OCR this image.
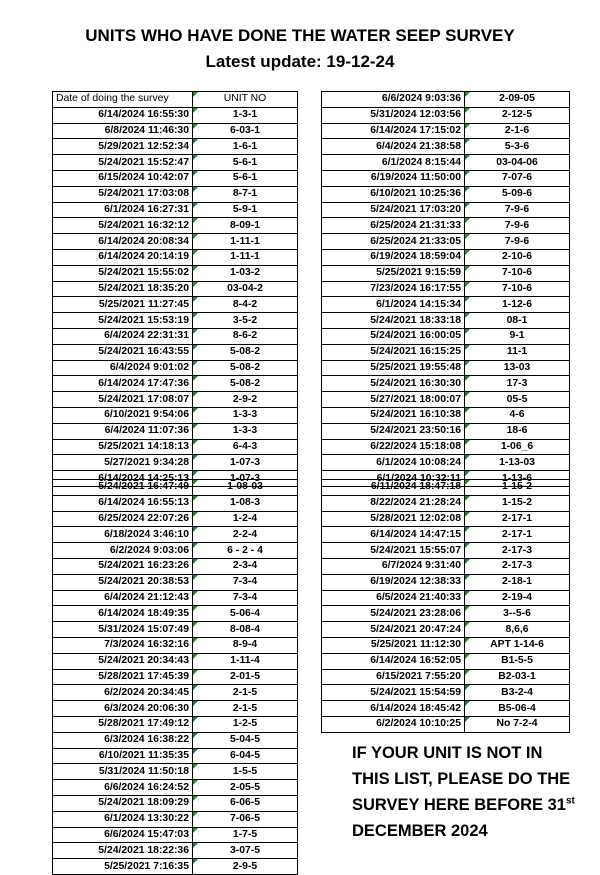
UNITS WHO HAVE DONE THE WATER SEEP SURVEY
Latest update: 19-12-24
Date of doing the survey	UNIT NO
6/14/2024 16:55:30	1-3-1
6/8/2024 11:46:30	6-03-1
5/29/2021 12:52:34	1-6-1
5/24/2021 15:52:47	5-6-1
6/15/2024 10:42:07	5-6-1
5/24/2021 17:03:08	8-7-1
6/1/2024 16:27:31	5-9-1
5/24/2021 16:32:12	8-09-1
6/14/2024 20:08:34	1-11-1
6/14/2024 20:14:19	1-11-1
5/24/2021 15:55:02	1-03-2
5/24/2021 18:35:20	03-04-2
5/25/2021 11:27:45	8-4-2
5/24/2021 15:53:19	3-5-2
6/4/2024 22:31:31	8-6-2
5/24/2021 16:43:55	5-08-2
6/4/2024 9:01:02	5-08-2
6/14/2024 17:47:36	5-08-2
5/24/2021 17:08:07	2-9-2
6/10/2021 9:54:06	1-3-3
6/4/2024 11:07:36	1-3-3
5/25/2021 14:18:13	6-4-3
5/27/2021 9:34:28	1-07-3
6/14/2024 14:25:13	1-07-3
6/6/2024 9:03:36	2-09-05
5/31/2024 12:03:56	2-12-5
6/14/2024 17:15:02	2-1-6
6/4/2024 21:38:58	5-3-6
6/1/2024 8:15:44	03-04-06
6/19/2024 11:50:00	7-07-6
6/10/2021 10:25:36	5-09-6
5/24/2021 17:03:20	7-9-6
6/25/2024 21:31:33	7-9-6
6/25/2024 21:33:05	7-9-6
6/19/2024 18:59:04	2-10-6
5/25/2021 9:15:59	7-10-6
7/23/2024 16:17:55	7-10-6
6/1/2024 14:15:34	1-12-6
5/24/2021 18:33:18	08-1
5/24/2021 16:00:05	9-1
5/24/2021 16:15:25	11-1
5/25/2021 19:55:48	13-03
5/24/2021 16:30:30	17-3
5/27/2021 18:00:07	05-5
5/24/2021 16:10:38	4-6
5/24/2021 23:50:16	18-6
6/22/2024 15:18:08	1-06_6
6/1/2024 10:08:24	1-13-03
6/1/2024 10:32:11	1-13-6
5/24/2021 16:47:49	1-08-03
6/14/2024 16:55:13	1-08-3
6/25/2024 22:07:26	1-2-4
6/18/2024 3:46:10	2-2-4
6/2/2024 9:03:06	6 - 2 - 4
5/24/2021 16:23:26	2-3-4
5/24/2021 20:38:53	7-3-4
6/4/2024 21:12:43	7-3-4
6/14/2024 18:49:35	5-06-4
5/31/2024 15:07:49	8-08-4
7/3/2024 16:32:16	8-9-4
5/24/2021 20:34:43	1-11-4
5/28/2021 17:45:39	2-01-5
6/2/2024 20:34:45	2-1-5
6/3/2024 20:06:30	2-1-5
5/28/2021 17:49:12	1-2-5
6/3/2024 16:38:22	5-04-5
6/10/2021 11:35:35	6-04-5
5/31/2024 11:50:18	1-5-5
6/6/2024 16:24:52	2-05-5
5/24/2021 18:09:29	6-06-5
6/1/2024 13:30:22	7-06-5
6/6/2024 15:47:03	1-7-5
5/24/2021 18:22:36	3-07-5
5/25/2021 7:16:35	2-9-5
6/11/2024 18:47:18	1-15-2
8/22/2024 21:28:24	1-15-2
5/28/2021 12:02:08	2-17-1
6/14/2024 14:47:15	2-17-1
5/24/2021 15:55:07	2-17-3
6/7/2024 9:31:40	2-17-3
6/19/2024 12:38:33	2-18-1
6/5/2024 21:40:33	2-19-4
5/24/2021 23:28:06	3--5-6
5/24/2021 20:47:24	8,6,6
5/25/2021 11:12:30	APT 1-14-6
6/14/2024 16:52:05	B1-5-5
6/15/2021 7:55:20	B2-03-1
5/24/2021 15:54:59	B3-2-4
6/14/2024 18:45:42	B5-06-4
6/2/2024 10:10:25	No 7-2-4

IF YOUR UNIT IS NOT IN
THIS LIST, PLEASE DO THE
SURVEY HERE BEFORE 31st
DECEMBER 2024
